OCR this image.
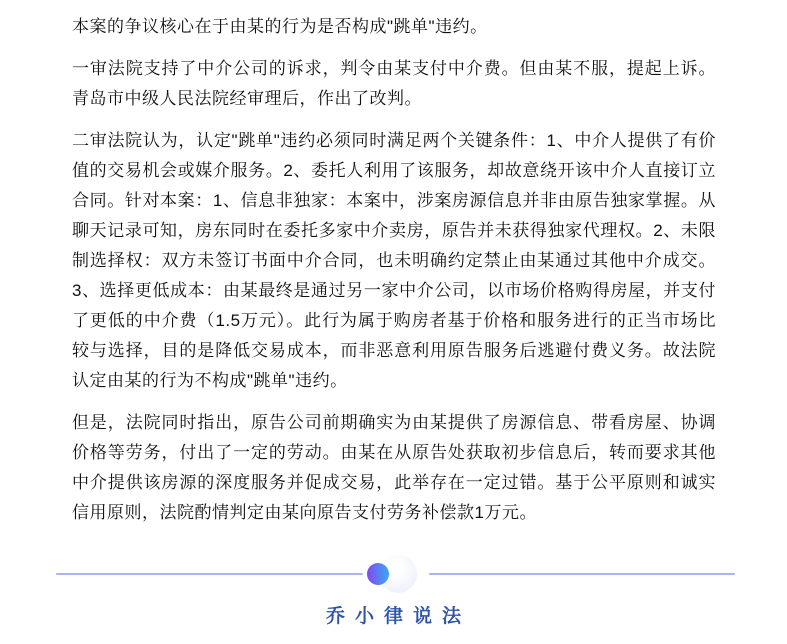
本案的争议核心在于由某的行为是否构成"跳单"违约。

一审法院支持了中介公司的诉求，判令由某支付中介费。但由某不服，提起上诉。青岛市中级人民法院经审理后，作出了改判。

二审法院认为，认定"跳单"违约必须同时满足两个关键条件：1、中介人提供了有价值的交易机会或媒介服务。2、委托人利用了该服务，却故意绕开该中介人直接订立合同。针对本案：1、信息非独家：本案中，涉案房源信息并非由原告独家掌握。从聊天记录可知，房东同时在委托多家中介卖房，原告并未获得独家代理权。2、未限制选择权：双方未签订书面中介合同，也未明确约定禁止由某通过其他中介成交。3、选择更低成本：由某最终是通过另一家中介公司，以市场价格购得房屋，并支付了更低的中介费（1.5万元）。此行为属于购房者基于价格和服务进行的正当市场比较与选择，目的是降低交易成本，而非恶意利用原告服务后逃避付费义务。故法院认定由某的行为不构成"跳单"违约。

但是，法院同时指出，原告公司前期确实为由某提供了房源信息、带看房屋、协调价格等劳务，付出了一定的劳动。由某在从原告处获取初步信息后，转而要求其他中介提供该房源的深度服务并促成交易，此举存在一定过错。基于公平原则和诚实信用原则，法院酌情判定由某向原告支付劳务补偿款1万元。

乔小律说法
